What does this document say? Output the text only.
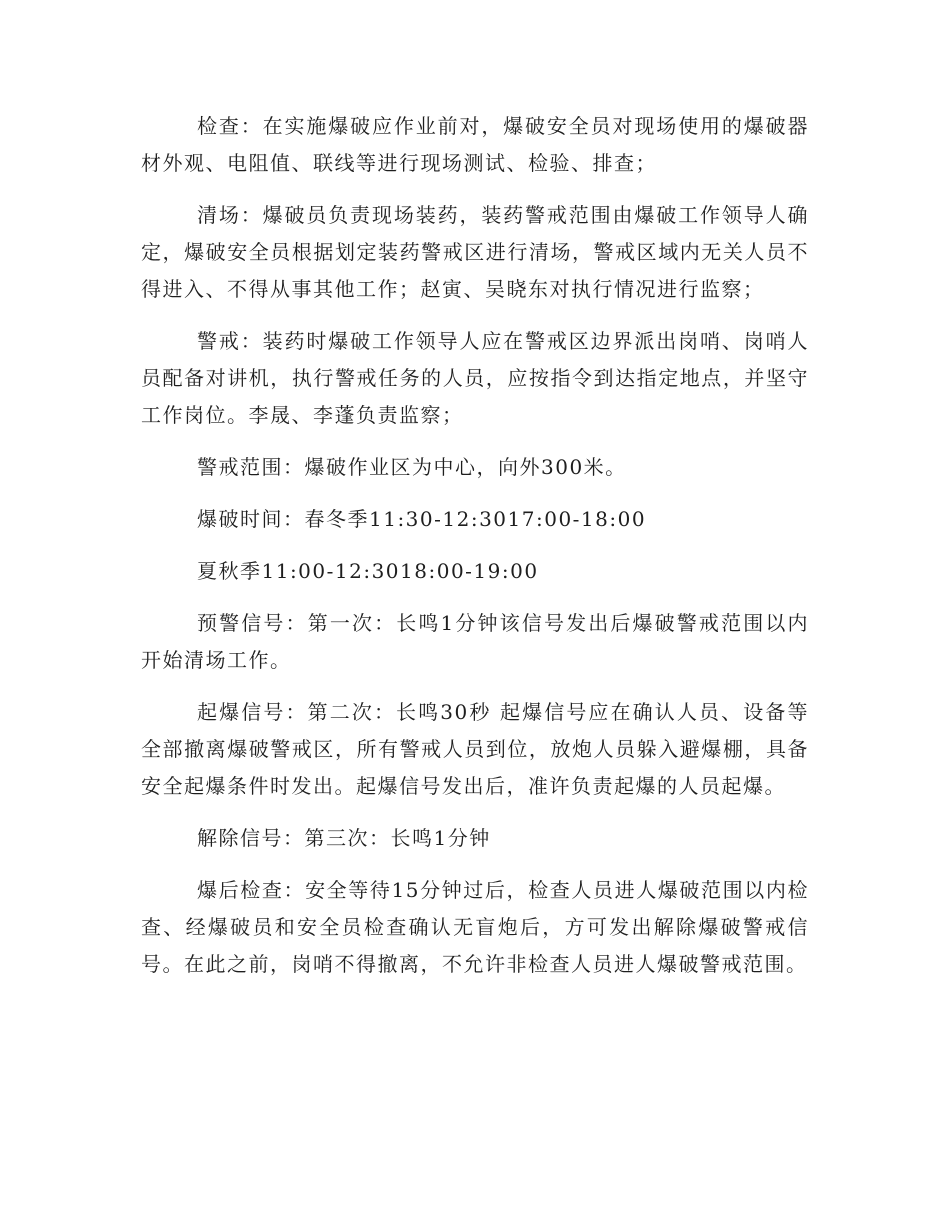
检查：在实施爆破应作业前对，爆破安全员对现场使用的爆破器材外观、电阻值、联线等进行现场测试、检验、排查；

清场：爆破员负责现场装药，装药警戒范围由爆破工作领导人确定，爆破安全员根据划定装药警戒区进行清场，警戒区域内无关人员不得进入、不得从事其他工作；赵寅、吴晓东对执行情况进行监察；

警戒：装药时爆破工作领导人应在警戒区边界派出岗哨、岗哨人员配备对讲机，执行警戒任务的人员，应按指令到达指定地点，并坚守工作岗位。李晟、李蓬负责监察；

警戒范围：爆破作业区为中心，向外300米。

爆破时间：春冬季11:30-12:3017:00-18:00

夏秋季11:00-12:3018:00-19:00

预警信号：第一次：长鸣1分钟该信号发出后爆破警戒范围以内开始清场工作。

起爆信号：第二次：长鸣30秒 起爆信号应在确认人员、设备等全部撤离爆破警戒区，所有警戒人员到位，放炮人员躲入避爆棚，具备安全起爆条件时发出。起爆信号发出后，准许负责起爆的人员起爆。

解除信号：第三次：长鸣1分钟

爆后检查：安全等待15分钟过后，检查人员进人爆破范围以内检查、经爆破员和安全员检查确认无盲炮后，方可发出解除爆破警戒信号。在此之前，岗哨不得撤离，不允许非检查人员进人爆破警戒范围。
